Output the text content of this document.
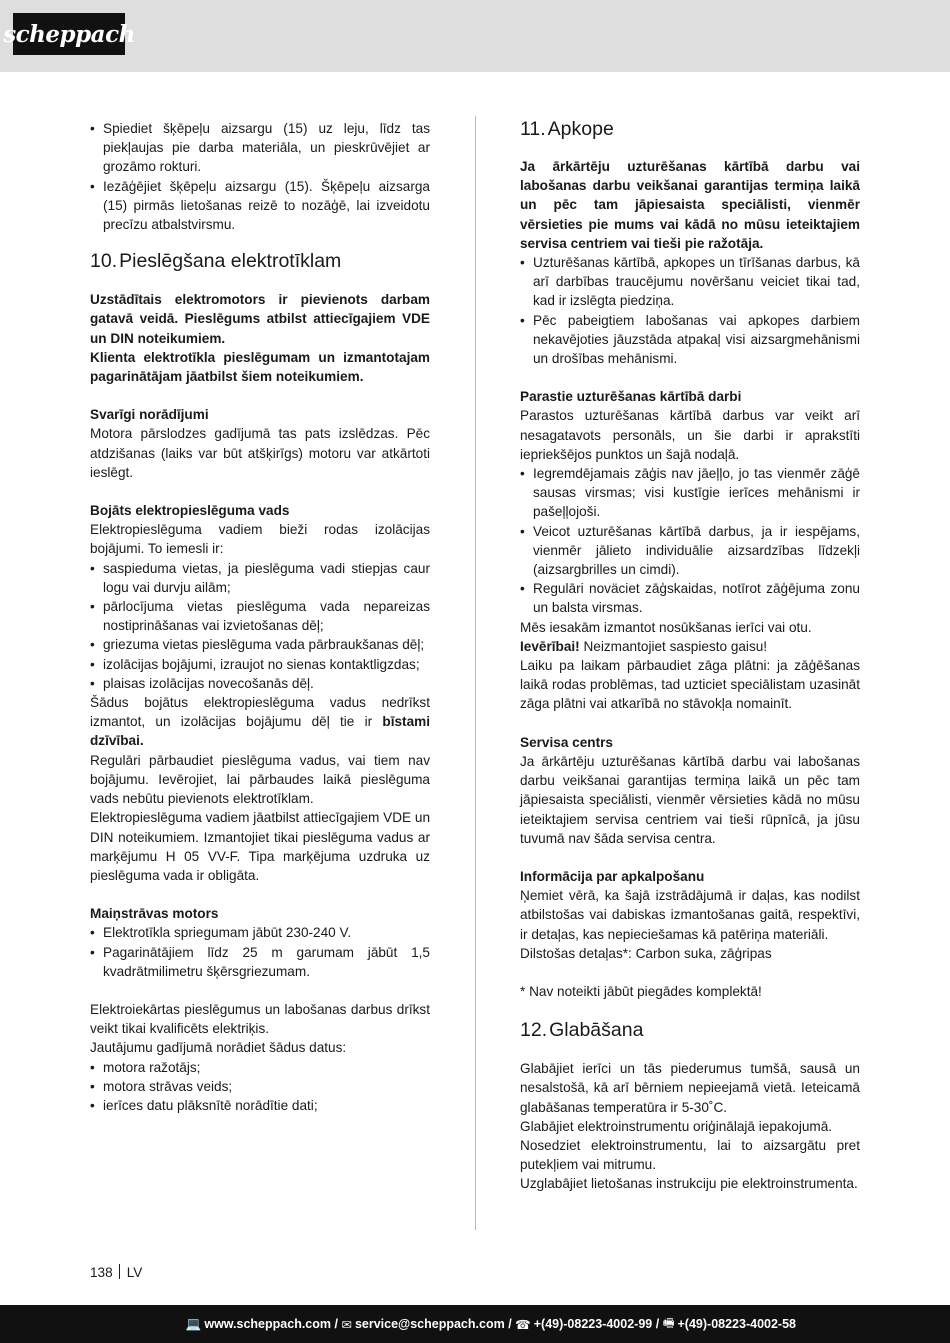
scheppach
• Spiediet šķēpeļu aizsargu (15) uz leju, līdz tas piekļaujas pie darba materiāla, un pieskrūvējiet ar grozāmo rokturi.
• Iezāģējiet šķēpeļu aizsargu (15). Šķēpeļu aizsarga (15) pirmās lietošanas reizē to nozāģē, lai izveidotu precīzu atbalstvirsmu.
10. Pieslēgšana elektrotīklam

Uzstādītais elektromotors ir pievienots darbam gatavā veidā. Pieslēgums atbilst attiecīgajiem VDE un DIN noteikumiem.

Klienta elektrotīkla pieslēgumam un izmantotajam pagarinātājam jāatbilst šiem noteikumiem.

Svarīgi norādījumi

Motora pārslodzes gadījumā tas pats izslēdzas. Pēc atdzišanas (laiks var būt atšķirīgs) motoru var atkārtoti ieslēgt.

Bojāts elektropieslēguma vads

Elektropieslēguma vadiem bieži rodas izolācijas bojājumi. To iemesli ir:

• saspieduma vietas, ja pieslēguma vadi stiepjas caur logu vai durvju ailām;
• pārlocījuma vietas pieslēguma vada nepareizas nostiprināšanas vai izvietošanas dēļ;
• griezuma vietas pieslēguma vada pārbraukšanas dēļ;
• izolācijas bojājumi, izraujot no sienas kontaktligzdas;
• plaisas izolācijas novecošanās dēļ.

Šādus bojātus elektropieslēguma vadus nedrīkst izmantot, un izolācijas bojājumu dēļ tie ir bīstami dzīvībai.

Regulāri pārbaudiet pieslēguma vadus, vai tiem nav bojājumu. Ievērojiet, lai pārbaudes laikā pieslēguma vads nebūtu pievienots elektrotīklam.

Elektropieslēguma vadiem jāatbilst attiecīgajiem VDE un DIN noteikumiem. Izmantojiet tikai pieslēguma vadus ar marķējumu H 05 VV-F. Tipa marķējuma uzdruka uz pieslēguma vada ir obligāta.

Maiņstrāvas motors

• Elektrotīkla spriegumam jābūt 230-240 V.
• Pagarinātājiem līdz 25 m garumam jābūt 1,5 kvadrātmilimetru šķērsgriezumam.

Elektroiekārtas pieslēgumus un labošanas darbus drīkst veikt tikai kvalificēts elektriķis.

Jautājumu gadījumā norādiet šādus datus:

• motora ražotājs;
• motora strāvas veids;
• ierīces datu plāksnītē norādītie dati;
11. Apkope

Ja ārkārtēju uzturēšanas kārtībā darbu vai labošanas darbu veikšanai garantijas termiņa laikā un pēc tam jāpiesaista speciālisti, vienmēr vērsieties pie mums vai kādā no mūsu ieteiktajiem servisa centriem vai tieši pie ražotāja.

• Uzturēšanas kārtībā, apkopes un tīrīšanas darbus, kā arī darbības traucējumu novēršanu veiciet tikai tad, kad ir izslēgta piedziņa.
• Pēc pabeigtiem labošanas vai apkopes darbiem nekavējoties jāuzstāda atpakaļ visi aizsargmehānismi un drošības mehānismi.

Parastie uzturēšanas kārtībā darbi

Parastos uzturēšanas kārtībā darbus var veikt arī nesagatavots personāls, un šie darbi ir aprakstīti iepriekšējos punktos un šajā nodaļā.

• Iegremdējamais zāģis nav jāeļļo, jo tas vienmēr zāģē sausas virsmas; visi kustīgie ierīces mehānismi ir pašeļļojoši.
• Veicot uzturēšanas kārtībā darbus, ja ir iespējams, vienmēr jālieto individuālie aizsardzības līdzekļi (aizsargbrilles un cimdi).
• Regulāri noväciet zāģskaidas, notīrot zāģējuma zonu un balsta virsmas.

Mēs iesakām izmantot nosūkšanas ierīci vai otu.

Ievērībai! Neizmantojiet saspiesto gaisu!

Laiku pa laikam pārbaudiet zāga plātni: ja zāģēšanas laikā rodas problēmas, tad uzticiet speciālistam uzasināt zāga plātni vai atkarībā no stāvokļa nomainīt.

Servisa centrs

Ja ārkārtēju uzturēšanas kārtībā darbu vai labošanas darbu veikšanai garantijas termiņa laikā un pēc tam jāpiesaista speciālisti, vienmēr vērsieties kādā no mūsu ieteiktajiem servisa centriem vai tieši rūpnīcā, ja jūsu tuvumā nav šāda servisa centra.

Informācija par apkalpošanu

Ņemiet vērā, ka šajā izstrādājumā ir daļas, kas nodilst atbilstošas vai dabiskas izmantošanas gaitā, respektīvi, ir detaļas, kas nepieciešamas kā patēriņa materiāli.

Dilstošas detaļas*: Carbon suka, zāģripas

* Nav noteikti jābūt piegādes komplektā!

12. Glabāšana

Glabājiet ierīci un tās piederumus tumšā, sausā un nesalstošā, kā arī bērniem nepieejamā vietā. Ieteicamā glabāšanas temperatūra ir 5-30˚C.

Glabājiet elektroinstrumentu oriģinālajā iepakojumā.

Nosedziet elektroinstrumentu, lai to aizsargātu pret putekļiem vai mitrumu.

Uzglabājiet lietošanas instrukciju pie elektroinstrumenta.

138 LV
💻 www.scheppach.com
/
✉ service@scheppach.com
/
☎ +(49)-08223-4002-99
/
🖷 +(49)-08223-4002-58
